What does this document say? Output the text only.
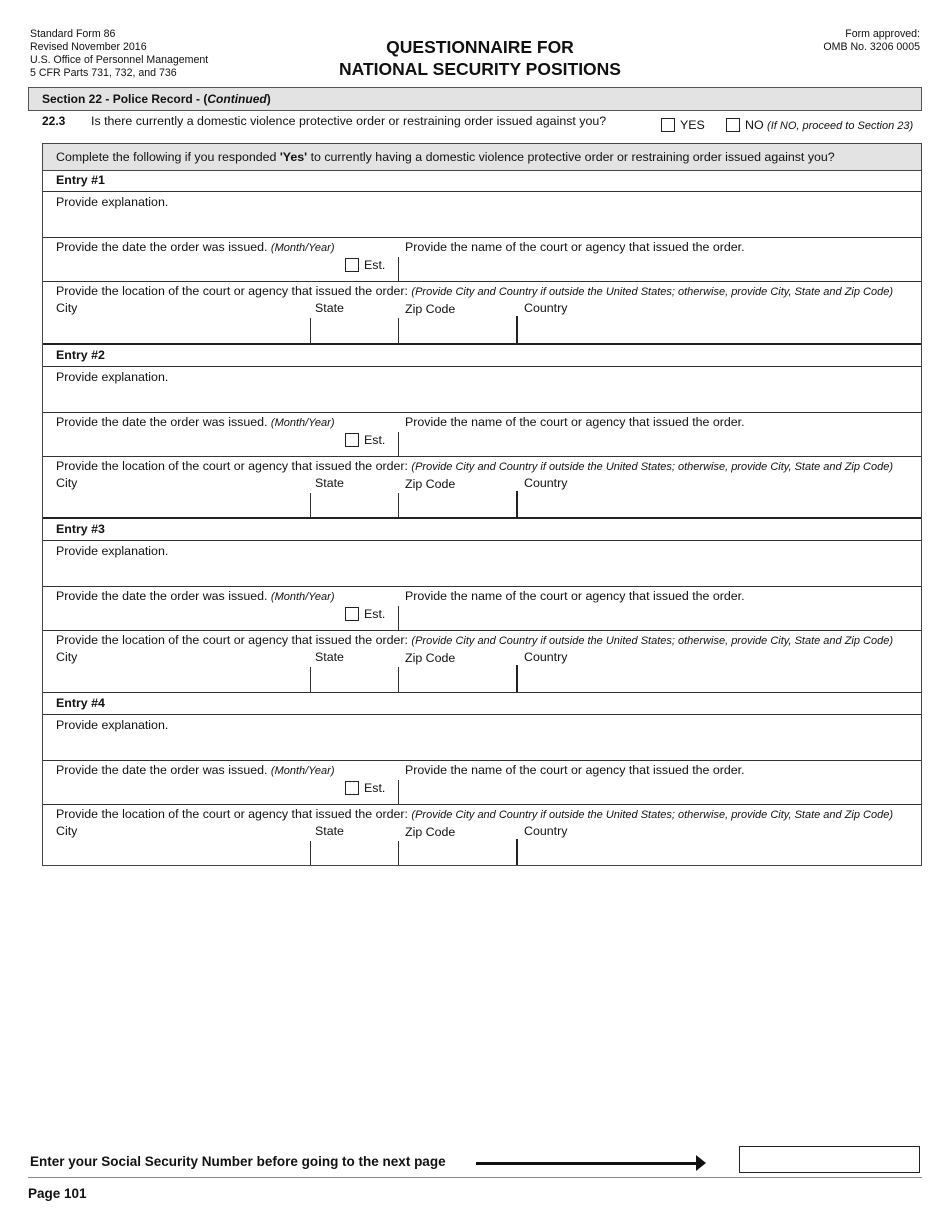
Standard Form 86
Revised November 2016
U.S. Office of Personnel Management
5 CFR Parts 731, 732, and 736
QUESTIONNAIRE FOR
NATIONAL SECURITY POSITIONS
Form approved:
OMB No. 3206 0005
Section 22 - Police Record - (Continued)
22.3 Is there currently a domestic violence protective order or restraining order issued against you?	YES	NO (If NO, proceed to Section 23)
Complete the following if you responded 'Yes' to currently having a domestic violence protective order or restraining order issued against you?
Entry #1
Provide explanation.
Provide the date the order was issued. (Month/Year)
Est.
Provide the name of the court or agency that issued the order.
Provide the location of the court or agency that issued the order: (Provide City and Country if outside the United States; otherwise, provide City, State and Zip Code)
City	State	Zip Code	Country
Entry #2
Provide explanation.
Provide the date the order was issued. (Month/Year)
Est.
Provide the name of the court or agency that issued the order.
Provide the location of the court or agency that issued the order: (Provide City and Country if outside the United States; otherwise, provide City, State and Zip Code)
City	State	Zip Code	Country
Entry #3
Provide explanation.
Provide the date the order was issued. (Month/Year)
Est.
Provide the name of the court or agency that issued the order.
Provide the location of the court or agency that issued the order: (Provide City and Country if outside the United States; otherwise, provide City, State and Zip Code)
City	State	Zip Code	Country
Entry #4
Provide explanation.
Provide the date the order was issued. (Month/Year)
Est.
Provide the name of the court or agency that issued the order.
Provide the location of the court or agency that issued the order: (Provide City and Country if outside the United States; otherwise, provide City, State and Zip Code)
City	State	Zip Code	Country
Enter your Social Security Number before going to the next page
Page 101
